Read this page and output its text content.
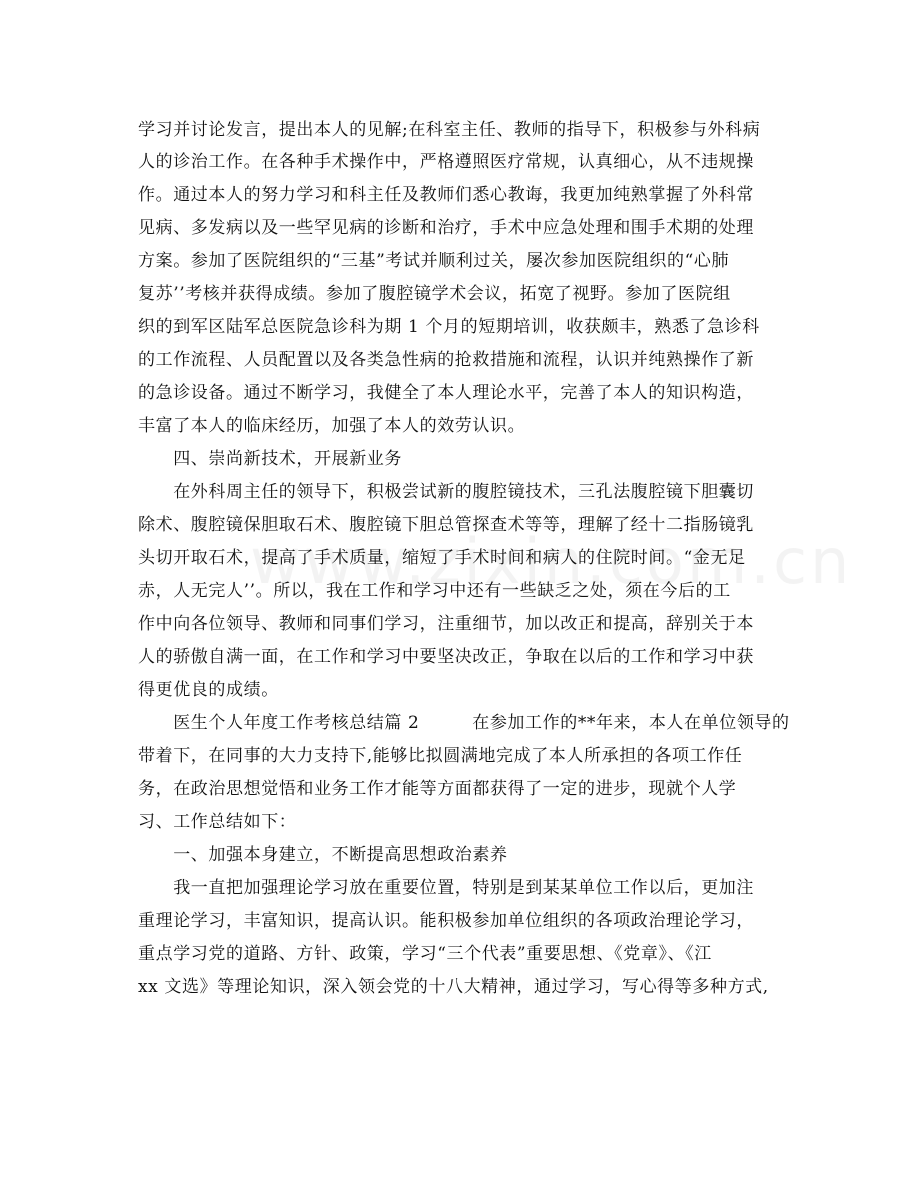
学习并讨论发言，提出本人的见解;在科室主任、教师的指导下，积极参与外科病
人的诊治工作。在各种手术操作中，严格遵照医疗常规，认真细心，从不违规操
作。通过本人的努力学习和科主任及教师们悉心教诲，我更加纯熟掌握了外科常
见病、多发病以及一些罕见病的诊断和治疗，手术中应急处理和围手术期的处理
方案。参加了医院组织的“三基”考试并顺利过关，屡次参加医院组织的“心肺
复苏’’考核并获得成绩。参加了腹腔镜学术会议，拓宽了视野。参加了医院组
织的到军区陆军总医院急诊科为期 1 个月的短期培训，收获颇丰，熟悉了急诊科
的工作流程、人员配置以及各类急性病的抢救措施和流程，认识并纯熟操作了新
的急诊设备。通过不断学习，我健全了本人理论水平，完善了本人的知识构造，
丰富了本人的临床经历，加强了本人的效劳认识。
　　四、崇尚新技术，开展新业务
　　在外科周主任的领导下，积极尝试新的腹腔镜技术，三孔法腹腔镜下胆囊切
除术、腹腔镜保胆取石术、腹腔镜下胆总管探查术等等，理解了经十二指肠镜乳
头切开取石术，提高了手术质量，缩短了手术时间和病人的住院时间。“金无足
赤，人无完人’’。所以，我在工作和学习中还有一些缺乏之处，须在今后的工
作中向各位领导、教师和同事们学习，注重细节，加以改正和提高，辞别关于本
人的骄傲自满一面，在工作和学习中要坚决改正，争取在以后的工作和学习中获
得更优良的成绩。
　　医生个人年度工作考核总结篇 2　　　在参加工作的**年来，本人在单位领导的
带着下，在同事的大力支持下,能够比拟圆满地完成了本人所承担的各项工作任
务，在政治思想觉悟和业务工作才能等方面都获得了一定的进步，现就个人学
习、工作总结如下：
　　一、加强本身建立，不断提高思想政治素养
　　我一直把加强理论学习放在重要位置，特别是到某某单位工作以后，更加注
重理论学习，丰富知识，提高认识。能积极参加单位组织的各项政治理论学习，
重点学习党的道路、方针、政策，学习“三个代表”重要思想、《党章》、《江
xx 文选》等理论知识，深入领会党的十八大精神，通过学习，写心得等多种方式,
